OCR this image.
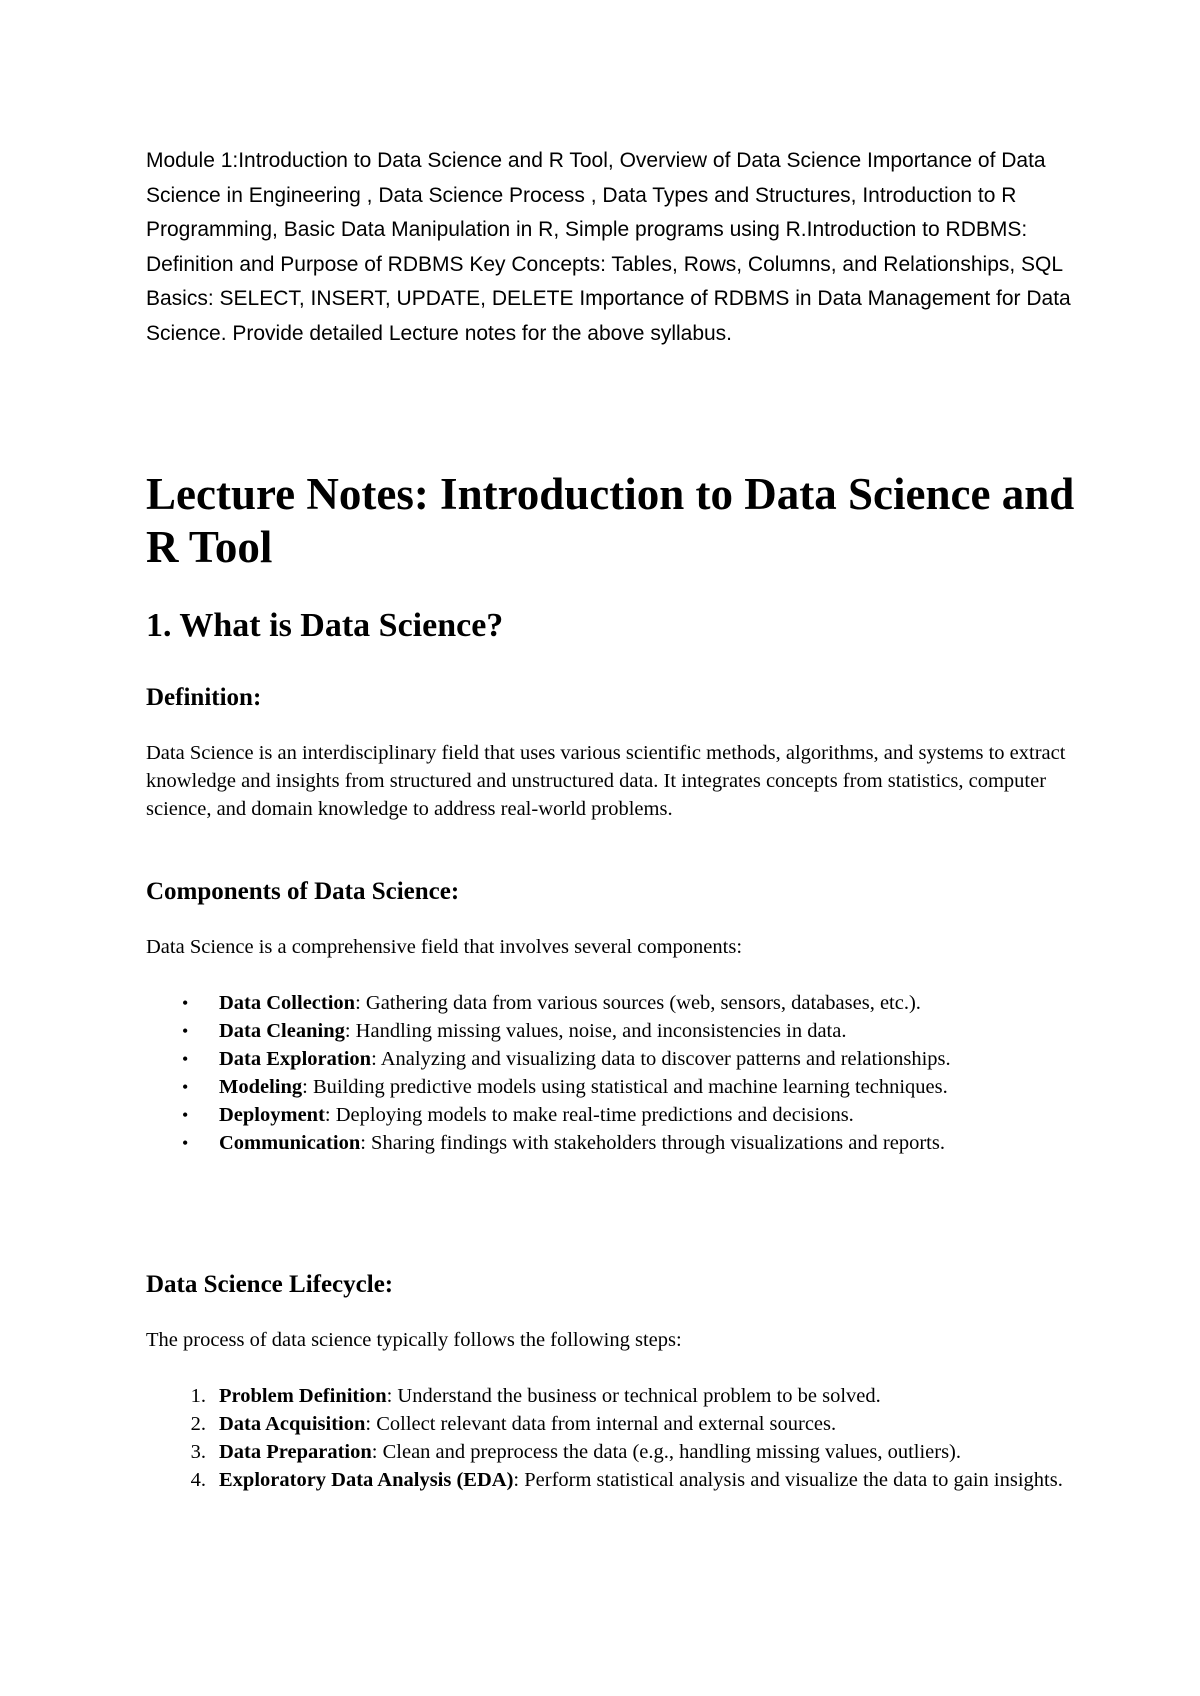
Module 1:Introduction to Data Science and R Tool, Overview of Data Science Importance of Data Science in Engineering , Data Science Process , Data Types and Structures, Introduction to R Programming, Basic Data Manipulation in R, Simple programs using R.Introduction to RDBMS: Definition and Purpose of RDBMS Key Concepts: Tables, Rows, Columns, and Relationships, SQL Basics: SELECT, INSERT, UPDATE, DELETE Importance of RDBMS in Data Management for Data Science. Provide detailed Lecture notes for the above syllabus.

Lecture Notes: Introduction to Data Science and R Tool
1. What is Data Science?
Definition:

Data Science is an interdisciplinary field that uses various scientific methods, algorithms, and systems to extract knowledge and insights from structured and unstructured data. It integrates concepts from statistics, computer science, and domain knowledge to address real-world problems.

Components of Data Science:

Data Science is a comprehensive field that involves several components:

• Data Collection: Gathering data from various sources (web, sensors, databases, etc.).
• Data Cleaning: Handling missing values, noise, and inconsistencies in data.
• Data Exploration: Analyzing and visualizing data to discover patterns and relationships.
• Modeling: Building predictive models using statistical and machine learning techniques.
• Deployment: Deploying models to make real-time predictions and decisions.
• Communication: Sharing findings with stakeholders through visualizations and reports.
Data Science Lifecycle:

The process of data science typically follows the following steps:

1. Problem Definition: Understand the business or technical problem to be solved.
2. Data Acquisition: Collect relevant data from internal and external sources.
3. Data Preparation: Clean and preprocess the data (e.g., handling missing values, outliers).
4. Exploratory Data Analysis (EDA): Perform statistical analysis and visualize the data to gain insights.
